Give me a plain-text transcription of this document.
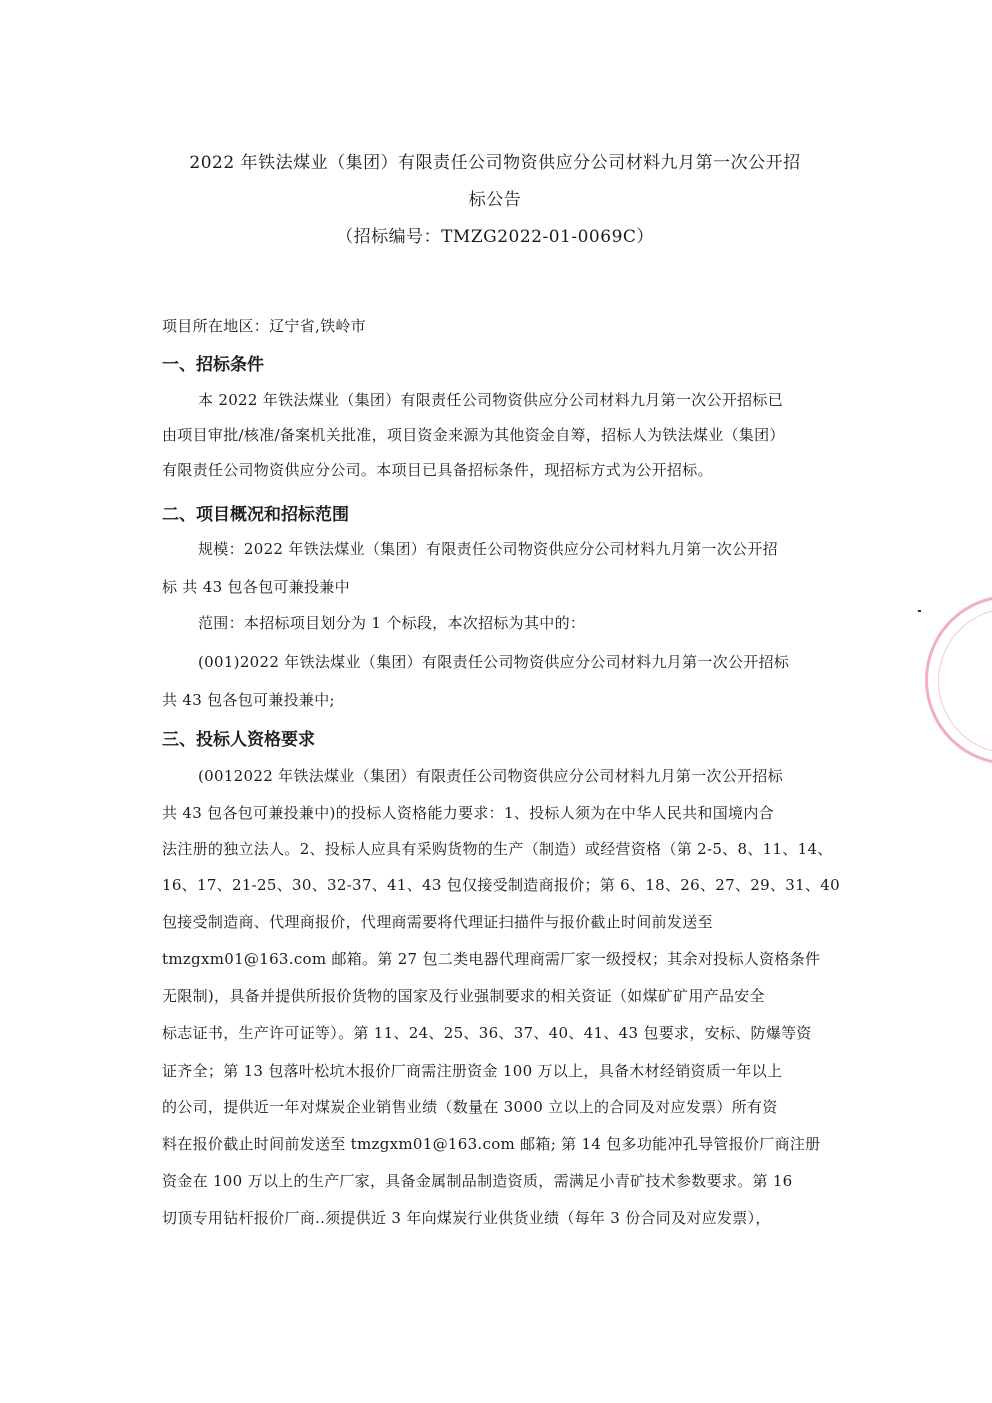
2022 年铁法煤业（集团）有限责任公司物资供应分公司材料九月第一次公开招
标公告
（招标编号：TMZG2022-01-0069C）
项目所在地区：辽宁省,铁岭市
一、招标条件
本 2022 年铁法煤业（集团）有限责任公司物资供应分公司材料九月第一次公开招标已
由项目审批/核准/备案机关批准，项目资金来源为其他资金自筹，招标人为铁法煤业（集团）
有限责任公司物资供应分公司。本项目已具备招标条件，现招标方式为公开招标。
二、项目概况和招标范围
规模：2022 年铁法煤业（集团）有限责任公司物资供应分公司材料九月第一次公开招
标 共 43 包各包可兼投兼中
范围：本招标项目划分为 1 个标段，本次招标为其中的：
(001)2022 年铁法煤业（集团）有限责任公司物资供应分公司材料九月第一次公开招标
共 43 包各包可兼投兼中;
三、投标人资格要求
(0012022 年铁法煤业（集团）有限责任公司物资供应分公司材料九月第一次公开招标
共 43 包各包可兼投兼中)的投标人资格能力要求：1、投标人须为在中华人民共和国境内合
法注册的独立法人。2、投标人应具有采购货物的生产（制造）或经营资格（第 2-5、8、11、14、
16、17、21-25、30、32-37、41、43 包仅接受制造商报价；第 6、18、26、27、29、31、40
包接受制造商、代理商报价，代理商需要将代理证扫描件与报价截止时间前发送至
tmzgxm01@163.com 邮箱。第 27 包二类电器代理商需厂家一级授权；其余对投标人资格条件
无限制)，具备并提供所报价货物的国家及行业强制要求的相关资证（如煤矿矿用产品安全
标志证书，生产许可证等）。第 11、24、25、36、37、40、41、43 包要求，安标、防爆等资
证齐全；第 13 包落叶松坑木报价厂商需注册资金 100 万以上，具备木材经销资质一年以上
的公司，提供近一年对煤炭企业销售业绩（数量在 3000 立以上的合同及对应发票）所有资
料在报价截止时间前发送至 tmzgxm01@163.com 邮箱; 第 14 包多功能冲孔导管报价厂商注册
资金在 100 万以上的生产厂家，具备金属制品制造资质，需满足小青矿技术参数要求。第 16
切顶专用钻杆报价厂商..须提供近 3 年向煤炭行业供货业绩（每年 3 份合同及对应发票），
